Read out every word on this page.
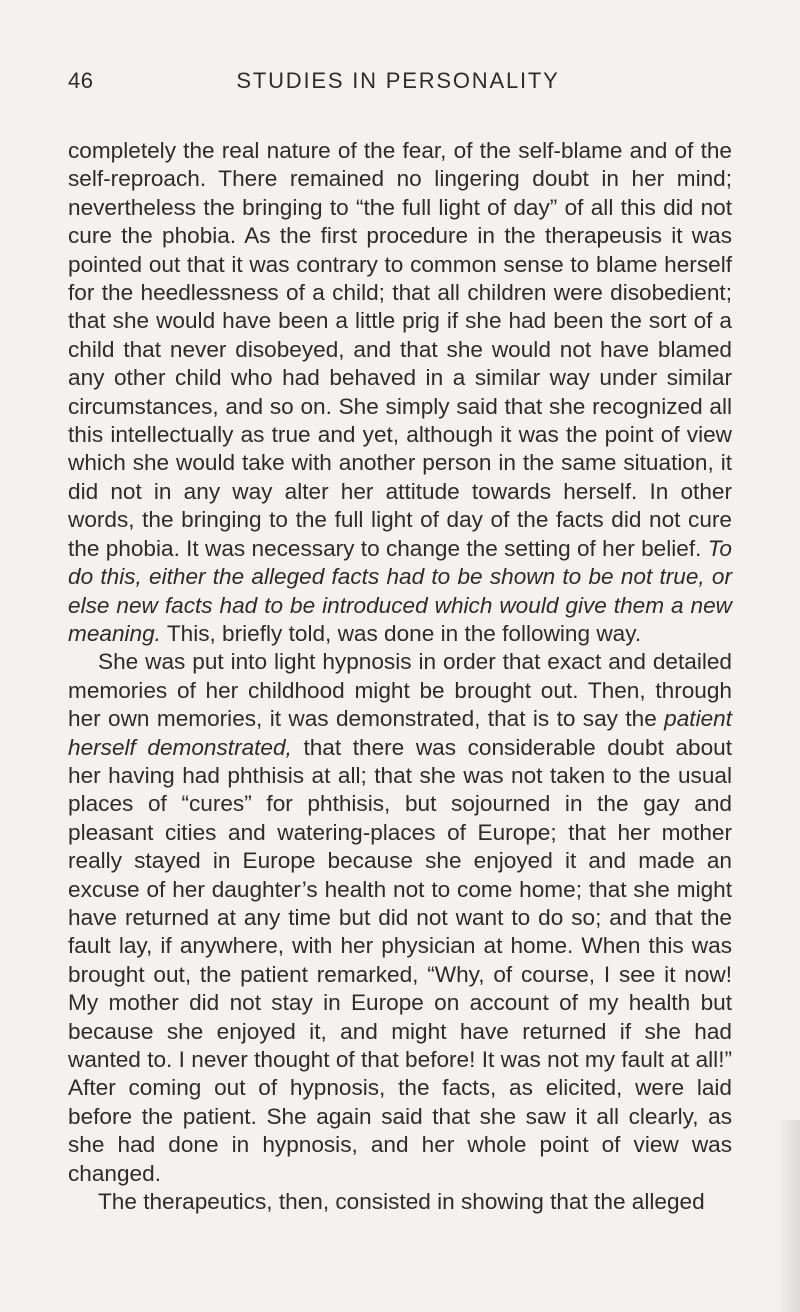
46	STUDIES IN PERSONALITY

completely the real nature of the fear, of the self-blame and of the self-reproach. There remained no lingering doubt in her mind; nevertheless the bringing to “the full light of day” of all this did not cure the phobia. As the first procedure in the therapeusis it was pointed out that it was contrary to common sense to blame herself for the heedlessness of a child; that all children were disobedient; that she would have been a little prig if she had been the sort of a child that never disobeyed, and that she would not have blamed any other child who had behaved in a similar way under similar circumstances, and so on. She simply said that she recognized all this intellectually as true and yet, although it was the point of view which she would take with another person in the same situation, it did not in any way alter her attitude towards herself. In other words, the bringing to the full light of day of the facts did not cure the phobia. It was necessary to change the setting of her belief. To do this, either the alleged facts had to be shown to be not true, or else new facts had to be introduced which would give them a new meaning. This, briefly told, was done in the following way.

She was put into light hypnosis in order that exact and detailed memories of her childhood might be brought out. Then, through her own memories, it was demonstrated, that is to say the patient herself demonstrated, that there was considerable doubt about her having had phthisis at all; that she was not taken to the usual places of “cures” for phthisis, but sojourned in the gay and pleasant cities and watering-places of Europe; that her mother really stayed in Europe because she enjoyed it and made an excuse of her daughter’s health not to come home; that she might have returned at any time but did not want to do so; and that the fault lay, if anywhere, with her physician at home. When this was brought out, the patient remarked, “Why, of course, I see it now! My mother did not stay in Europe on account of my health but because she enjoyed it, and might have returned if she had wanted to. I never thought of that before! It was not my fault at all!” After coming out of hypnosis, the facts, as elicited, were laid before the patient. She again said that she saw it all clearly, as she had done in hypnosis, and her whole point of view was changed.

The therapeutics, then, consisted in showing that the alleged
